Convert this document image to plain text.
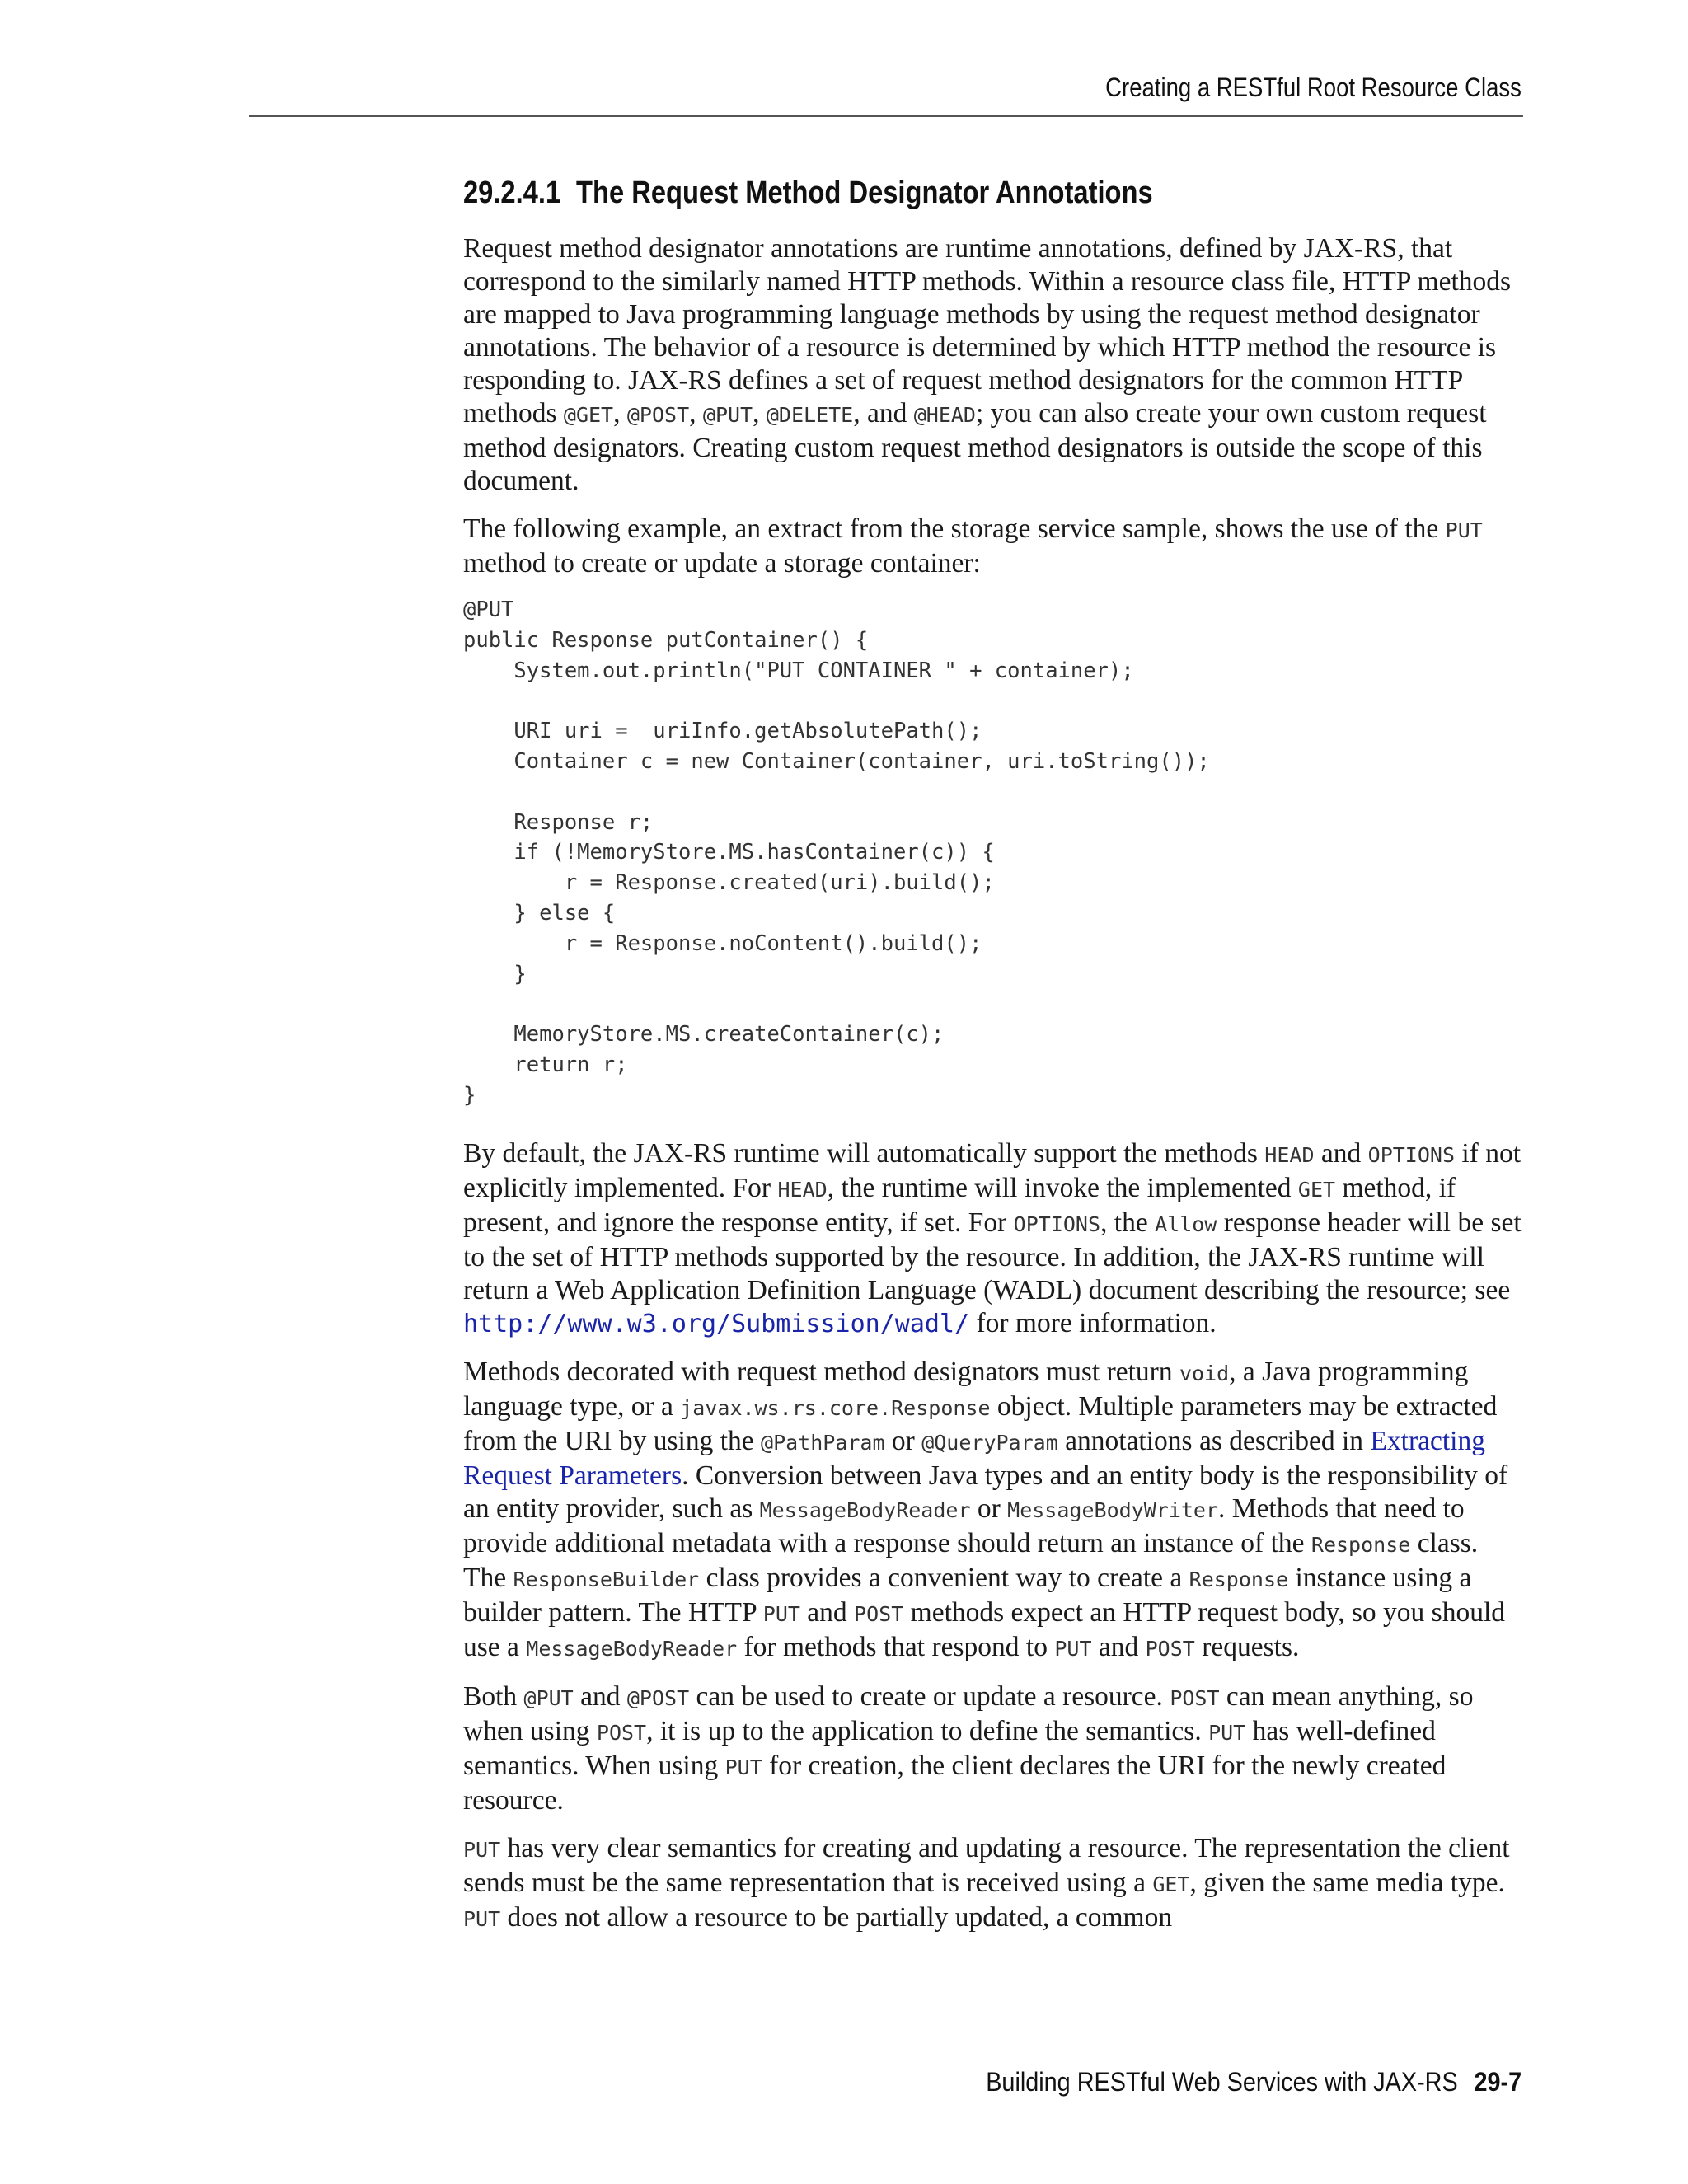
Creating a RESTful Root Resource Class
29.2.4.1 The Request Method Designator Annotations

Request method designator annotations are runtime annotations, defined by JAX-RS, that correspond to the similarly named HTTP methods. Within a resource class file, HTTP methods are mapped to Java programming language methods by using the request method designator annotations. The behavior of a resource is determined by which HTTP method the resource is responding to. JAX-RS defines a set of request method designators for the common HTTP methods @GET, @POST, @PUT, @DELETE, and @HEAD; you can also create your own custom request method designators. Creating custom request method designators is outside the scope of this document.

The following example, an extract from the storage service sample, shows the use of the PUT method to create or update a storage container:

@PUT
public Response putContainer() {
System.out.println("PUT CONTAINER " + container);

URI uri =  uriInfo.getAbsolutePath();
Container c = new Container(container, uri.toString());

Response r;
if (!MemoryStore.MS.hasContainer(c)) {
r = Response.created(uri).build();
} else {
r = Response.noContent().build();
}

MemoryStore.MS.createContainer(c);
return r;
}

By default, the JAX-RS runtime will automatically support the methods HEAD and OPTIONS if not explicitly implemented. For HEAD, the runtime will invoke the implemented GET method, if present, and ignore the response entity, if set. For OPTIONS, the Allow response header will be set to the set of HTTP methods supported by the resource. In addition, the JAX-RS runtime will return a Web Application Definition Language (WADL) document describing the resource; see http://www.w3.org/Submission/wadl/ for more information.

Methods decorated with request method designators must return void, a Java programming language type, or a javax.ws.rs.core.Response object. Multiple parameters may be extracted from the URI by using the @PathParam or @QueryParam annotations as described in Extracting Request Parameters. Conversion between Java types and an entity body is the responsibility of an entity provider, such as MessageBodyReader or MessageBodyWriter. Methods that need to provide additional metadata with a response should return an instance of the Response class. The ResponseBuilder class provides a convenient way to create a Response instance using a builder pattern. The HTTP PUT and POST methods expect an HTTP request body, so you should use a MessageBodyReader for methods that respond to PUT and POST requests.

Both @PUT and @POST can be used to create or update a resource. POST can mean anything, so when using POST, it is up to the application to define the semantics. PUT has well-defined semantics. When using PUT for creation, the client declares the URI for the newly created resource.

PUT has very clear semantics for creating and updating a resource. The representation the client sends must be the same representation that is received using a GET, given the same media type. PUT does not allow a resource to be partially updated, a common

Building RESTful Web Services with JAX-RS 29-7
